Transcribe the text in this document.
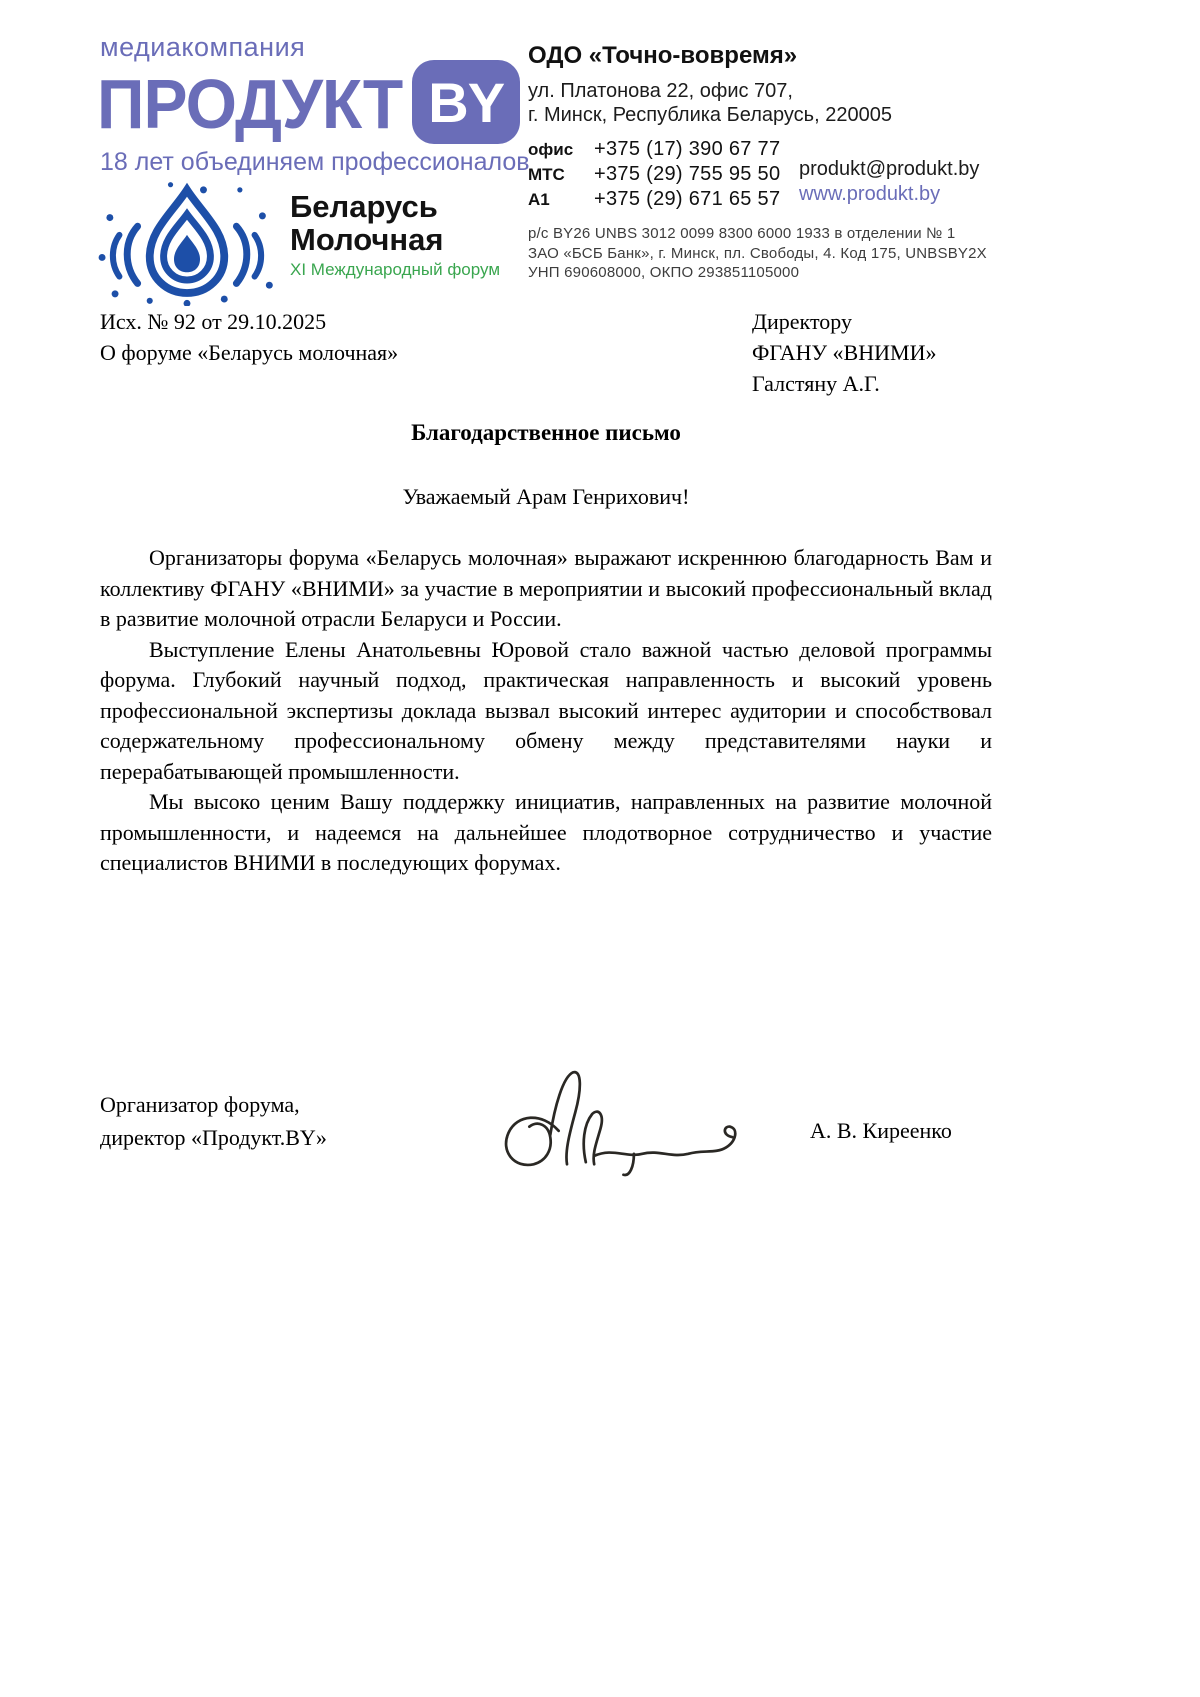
медиакомпания
ПРОДУКТ BY
18 лет объединяем профессионалов
Беларусь
Молочная
XI Международный форум
ОДО «Точно-вовремя»
ул. Платонова 22, офис 707,
г. Минск, Республика Беларусь, 220005
офис	+375 (17) 390 67 77
МТС	+375 (29) 755 95 50
А1	+375 (29) 671 65 57
produkt@produkt.by
www.produkt.by
р/с BY26 UNBS 3012 0099 8300 6000 1933 в отделении № 1
ЗАО «БСБ Банк», г. Минск, пл. Свободы, 4. Код 175, UNBSBY2X
УНП 690608000, ОКПО 293851105000
Исх. № 92 от 29.10.2025
О форуме «Беларусь молочная»
Директору
ФГАНУ «ВНИМИ»
Галстяну А.Г.
Благодарственное письмо
Уважаемый Арам Генрихович!

Организаторы форума «Беларусь молочная» выражают искреннюю благодарность Вам и коллективу ФГАНУ «ВНИМИ» за участие в мероприятии и высокий профессиональный вклад в развитие молочной отрасли Беларуси и России.

Выступление Елены Анатольевны Юровой стало важной частью деловой программы форума. Глубокий научный подход, практическая направленность и высокий уровень профессиональной экспертизы доклада вызвал высокий интерес аудитории и способствовал содержательному профессиональному обмену между представителями науки и перерабатывающей промышленности.

Мы высоко ценим Вашу поддержку инициатив, направленных на развитие молочной промышленности, и надеемся на дальнейшее плодотворное сотрудничество и участие специалистов ВНИМИ в последующих форумах.

Организатор форума,
директор «Продукт.BY»	А. В. Киреенко
